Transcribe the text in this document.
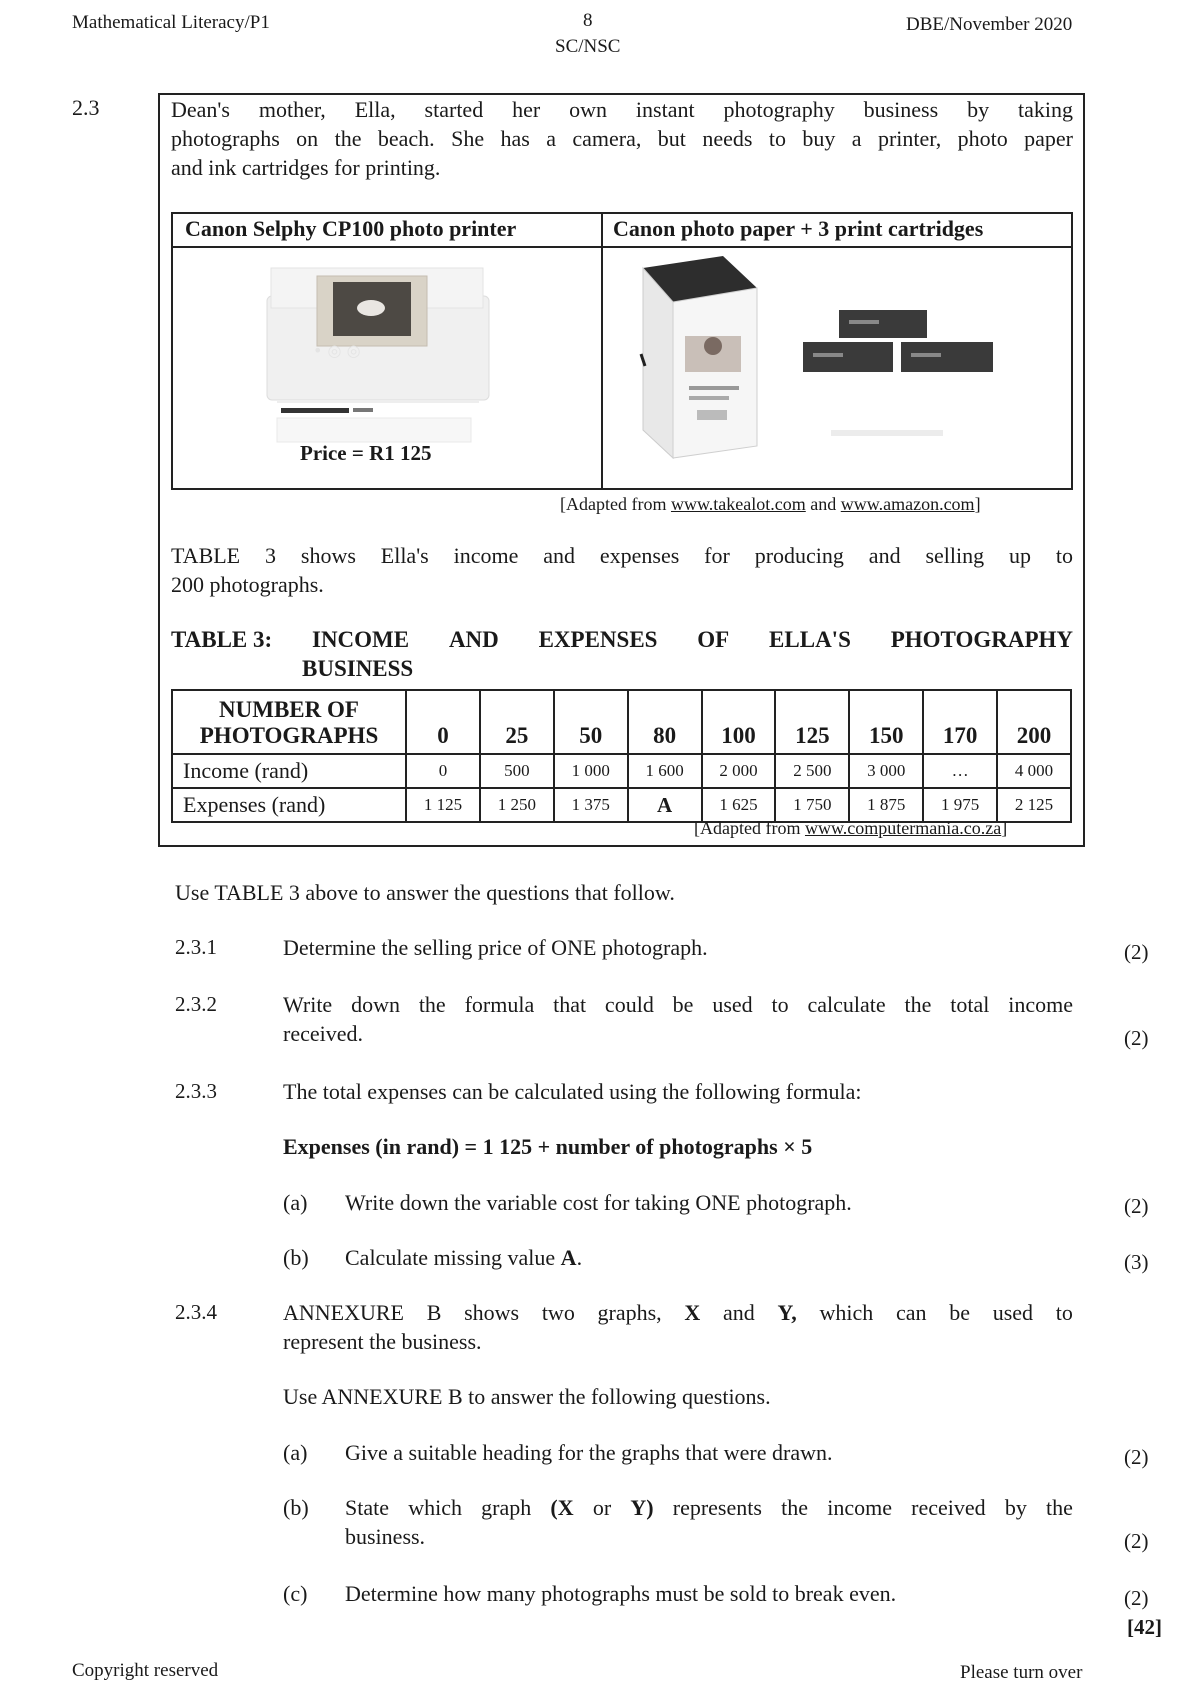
Mathematical Literacy/P1	8
SC/NSC
DBE/November 2020
2.3	Dean's mother, Ella, started her own instant photography business by taking
photographs on the beach. She has a camera, but needs to buy a printer, photo paper
and ink cartridges for printing.
Canon Selphy CP100 photo printer	Canon photo paper + 3 print cartridges
• ◎ ◎
Price = R1 125
[Adapted from www.takealot.com and www.amazon.com]
TABLE 3 shows Ella's income and expenses for producing and selling up to
200 photographs.
TABLE 3: INCOME AND EXPENSES OF ELLA'S PHOTOGRAPHY
BUSINESS
NUMBER OF
PHOTOGRAPHS	0	25	50	80	100	125	150	170	200
Income (rand)	0	500	1 000	1 600	2 000	2 500	3 000	…	4 000
Expenses (rand)	1 125	1 250	1 375	A	1 625	1 750	1 875	1 975	2 125
[Adapted from www.computermania.co.za]
Use TABLE 3 above to answer the questions that follow.
2.3.1	Determine the selling price of ONE photograph.	(2)
2.3.2	Write down the formula that could be used to calculate the total income
received.	(2)
2.3.3	The total expenses can be calculated using the following formula:
Expenses (in rand) = 1 125 + number of photographs × 5
(a) Write down the variable cost for taking ONE photograph.	(2)
(b) Calculate missing value A.	(3)
2.3.4	ANNEXURE B shows two graphs, X and Y, which can be used to
represent the business.
Use ANNEXURE B to answer the following questions.
(a) Give a suitable heading for the graphs that were drawn.	(2)
(b) State which graph (X or Y) represents the income received by the
business.	(2)
(c) Determine how many photographs must be sold to break even.	(2)
[42]
Copyright reserved	Please turn over
